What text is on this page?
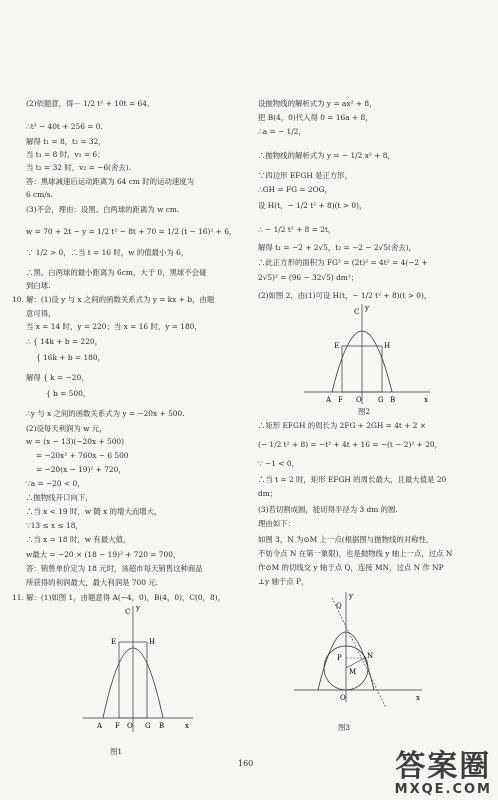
(2)依题意，得－ 1/2 t² + 10t = 64，
∴t² − 40t + 256 = 0.
解得 t₁ = 8，t₂ = 32，
当 t₁ = 8 时，v₁ = 6；
当 t₂ = 32 时，v₂ = −6(舍去).
答：黑球减速后运动距离为 64 cm 时的运动速度为
6 cm/s.
(3)不会，理由：设黑、白两球的距离为 w cm.
w = 70 + 2t − y = 1/2 t² − 8t + 70 = 1/2 (t − 16)² + 6，
∵ 1/2 > 0，∴当 t = 16 时，w 的值最小为 6，
∴黑、白两球的最小距离为 6cm，大于 0，黑球不会碰
到白球.
10. 解：(1)设 y 与 x 之间的函数关系式为 y = kx + b，由题
意可得，
当 x = 14 时，y = 220；当 x = 16 时，y = 180，
∴ { 14k + b = 220，
{ 16k + b = 180，
解得 { k = −20，
{ b = 500，
∴y 与 x 之间的函数关系式为 y = −20x + 500.
(2)设每天利润为 w 元，
w = (x − 13)(−20x + 500)
= −20x² + 760x − 6 500
= −20(x − 19)² + 720，
∵a = −20 < 0，
∴抛物线开口向下，
∴当 x < 19 时，w 随 x 的增大而增大，
∵13 ≤ x ≤ 18，
∴当 x = 18 时，w 有最大值，
w最大 = −20 × (18 − 19)² + 720 = 700，
答：销售单价定为 18 元时，该超市每天销售这种商品
所获得的利润最大，最大利润是 700 元.
11. 解：(1)如图 1，由题意得 A(−4，0)，B(4，0)，C(0，8)，
E	H
C
A F O G B	x
y
图1
设抛物线的解析式为 y = ax² + 8，
把 B(4，0)代入得 0 = 16a + 8，
∴a = − 1/2，
∴抛物线的解析式为 y = − 1/2 x² + 8，
∵四边形 EFGH 是正方形，
∴GH = FG = 2OG，
设 H(t，− 1/2 t² + 8)(t > 0)，
∴ − 1/2 t² + 8 = 2t，
解得 t₁ = −2 + 2√5，t₂ = −2 − 2√5(舍去)，
∴此正方形的面积为 FG² = (2t)² = 4t² = 4(−2 +
2√5)² = (96 − 32√5) dm²；
(2)如图 2，由(1)可设 H(t，− 1/2 t² + 8)(t > 0)，
∴矩形 EFGH 的周长为 2FG + 2GH = 4t + 2 ×
(− 1/2 t² + 8) = −t² + 4t + 16 = −(t − 2)² + 20，
∵ −1 < 0，
∴当 t = 2 时，矩形 EFGH 的周长最大，且最大值是 20
dm；
(3)若切割成圆，能切得半径为 3 dm 的圆.
理由如下：
如图 3，N 为⊙M 上一点(根据图与抛物线的对称性，
不妨令点 N 在第一象限)，也是抛物线 y 轴上一点，过点 N
作⊙M 的切线交 y 轴于点 Q，连接 MN，过点 N 作 NP
⊥y 轴于点 P，
E	H
C
A F O G B	x
y
图2
Q
N
P
M
O	x
y
图3
160	答案圈
MXQE.COM
